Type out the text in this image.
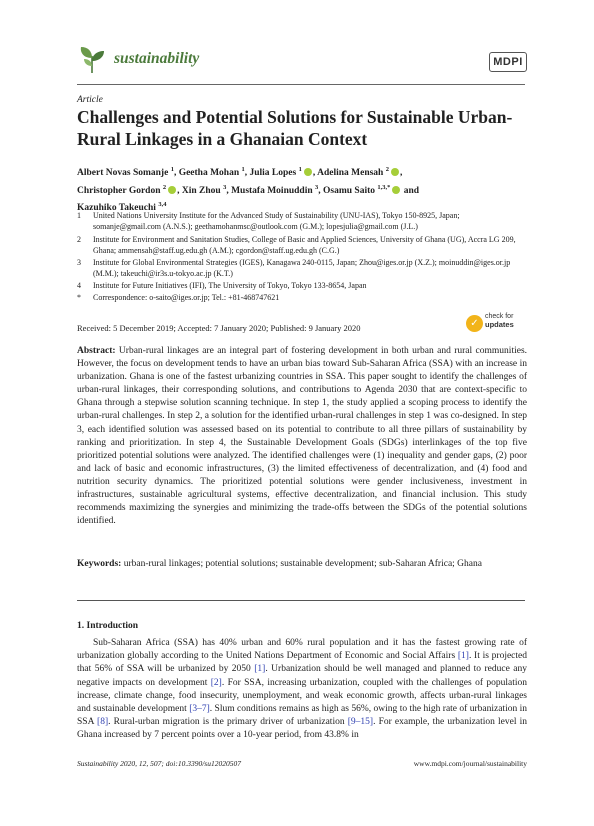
sustainability	MDPI
Article
Challenges and Potential Solutions for Sustainable Urban-Rural Linkages in a Ghanaian Context
Albert Novas Somanje $^1$, Geetha Mohan $^1$, Julia Lopes $^1$ , Adelina Mensah $^2$ ,
Christopher Gordon $^2$ , Xin Zhou $^3$, Mustafa Moinuddin $^3$, Osamu Saito $^{1,3,*}$ and
Kazuhiko Takeuchi $^{3,4}$
1	United Nations University Institute for the Advanced Study of Sustainability (UNU-IAS), Tokyo 150-8925, Japan; somanje@gmail.com (A.N.S.); geethamohanmsc@outlook.com (G.M.); lopesjulia@gmail.com (J.L.)
2	Institute for Environment and Sanitation Studies, College of Basic and Applied Sciences, University of Ghana (UG), Accra LG 209, Ghana; ammensah@staff.ug.edu.gh (A.M.); cgordon@staff.ug.edu.gh (C.G.)
3	Institute for Global Environmental Strategies (IGES), Kanagawa 240-0115, Japan; Zhou@iges.or.jp (X.Z.); moinuddin@iges.or.jp (M.M.); takeuchi@ir3s.u-tokyo.ac.jp (K.T.)
4	Institute for Future Initiatives (IFI), The University of Tokyo, Tokyo 133-8654, Japan
*	Correspondence: o-saito@iges.or.jp; Tel.: +81-468747621
Received: 5 December 2019; Accepted: 7 January 2020; Published: 9 January 2020	✓
check for
updates
Abstract: Urban-rural linkages are an integral part of fostering development in both urban and rural communities. However, the focus on development tends to have an urban bias toward Sub-Saharan Africa (SSA) with an increase in urbanization. Ghana is one of the fastest urbanizing countries in SSA. This paper sought to identify the challenges of urban-rural linkages, their corresponding solutions, and contributions to Agenda 2030 that are context-specific to Ghana through a stepwise solution scanning technique. In step 1, the study applied a scoping process to identify the urban-rural challenges. In step 2, a solution for the identified urban-rural challenges in step 1 was co-designed. In step 3, each identified solution was assessed based on its potential to contribute to all three pillars of sustainability by ranking and prioritization. In step 4, the Sustainable Development Goals (SDGs) interlinkages of the top five prioritized potential solutions were analyzed. The identified challenges were (1) inequality and gender gaps, (2) poor and lack of basic and economic infrastructures, (3) the limited effectiveness of decentralization, and (4) food and nutrition security dynamics. The prioritized potential solutions were gender inclusiveness, investment in infrastructures, sustainable agricultural systems, effective decentralization, and financial inclusion. This study recommends maximizing the synergies and minimizing the trade-offs between the SDGs of the potential solutions identified.
Keywords: urban-rural linkages; potential solutions; sustainable development; sub-Saharan Africa; Ghana
1. Introduction
Sub-Saharan Africa (SSA) has 40% urban and 60% rural population and it has the fastest growing rate of urbanization globally according to the United Nations Department of Economic and Social Affairs [1]. It is projected that 56% of SSA will be urbanized by 2050 [1]. Urbanization should be well managed and planned to reduce any negative impacts on development [2]. For SSA, increasing urbanization, coupled with the challenges of population increase, climate change, food insecurity, unemployment, and weak economic growth, affects urban-rural linkages and sustainable development [3–7]. Slum conditions remains as high as 56%, owing to the high rate of urbanization in SSA [8]. Rural-urban migration is the primary driver of urbanization [9–15]. For example, the urbanization level in Ghana increased by 7 percent points over a 10-year period, from 43.8% in
Sustainability 2020, 12, 507; doi:10.3390/su12020507	www.mdpi.com/journal/sustainability
